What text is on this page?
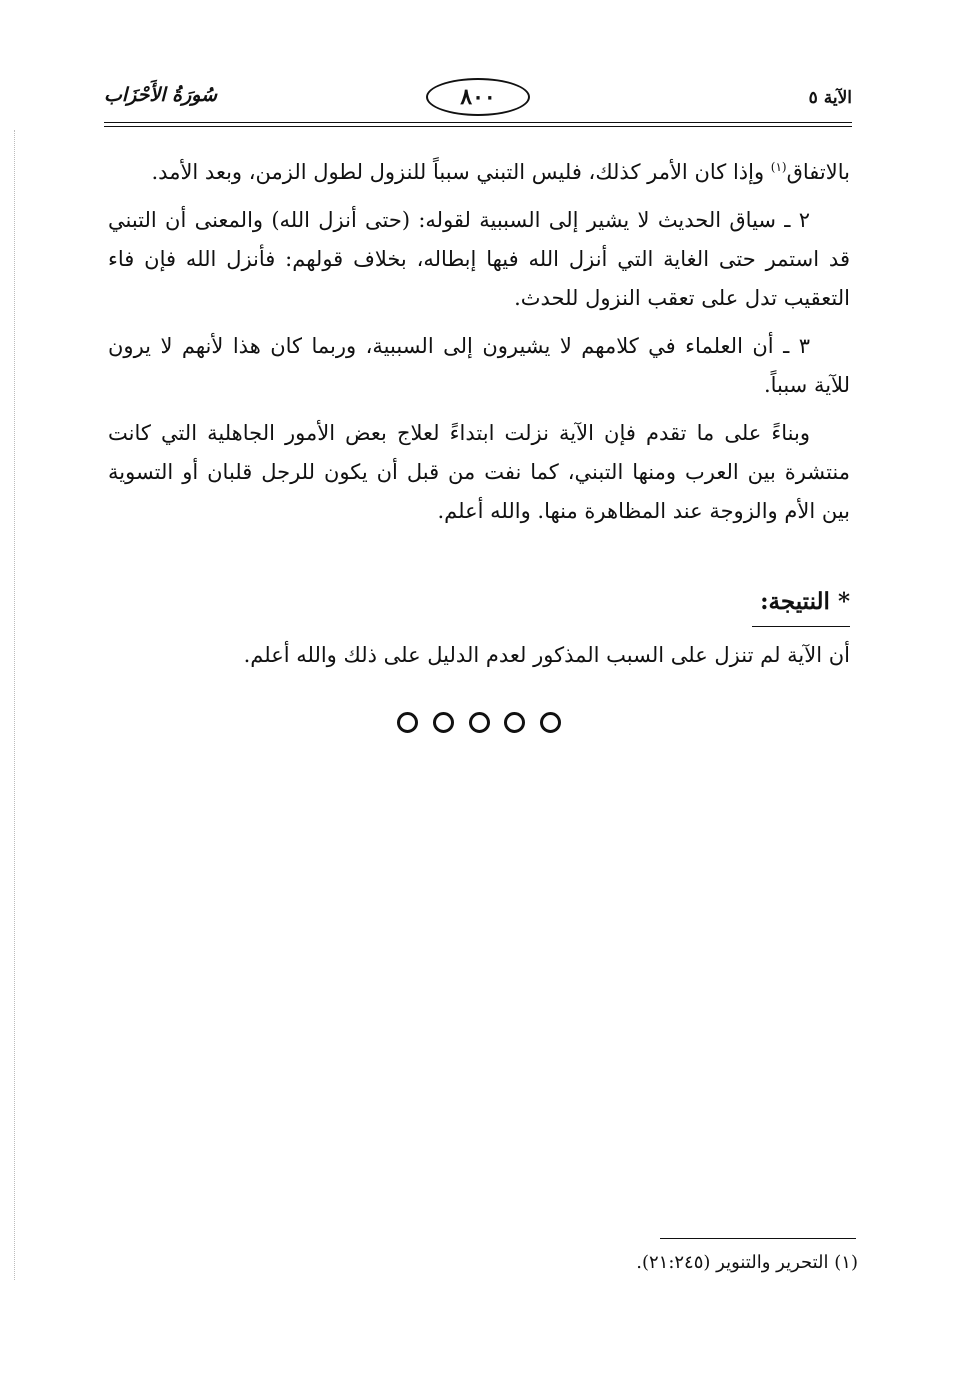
الآية ٥
٨٠٠
سُورَةُ الأَحْزَاب

بالاتفاق$^{(١)}$ وإذا كان الأمر كذلك، فليس التبني سبباً للنزول لطول الزمن، وبعد الأمد.

٢ ـ سياق الحديث لا يشير إلى السببية لقوله: (حتى أنزل الله) والمعنى أن التبني قد استمر حتى الغاية التي أنزل الله فيها إبطاله، بخلاف قولهم: فأنزل الله فإن فاء التعقيب تدل على تعقب النزول للحدث.

٣ ـ أن العلماء في كلامهم لا يشيرون إلى السببية، وربما كان هذا لأنهم لا يرون للآية سبباً.

وبناءً على ما تقدم فإن الآية نزلت ابتداءً لعلاج بعض الأمور الجاهلية التي كانت منتشرة بين العرب ومنها التبني، كما نفت من قبل أن يكون للرجل قلبان أو التسوية بين الأم والزوجة عند المظاهرة منها. والله أعلم.

* النتيجة:
أن الآية لم تنزل على السبب المذكور لعدم الدليل على ذلك والله أعلم.
(١) التحرير والتنوير (٢١:٢٤٥).
